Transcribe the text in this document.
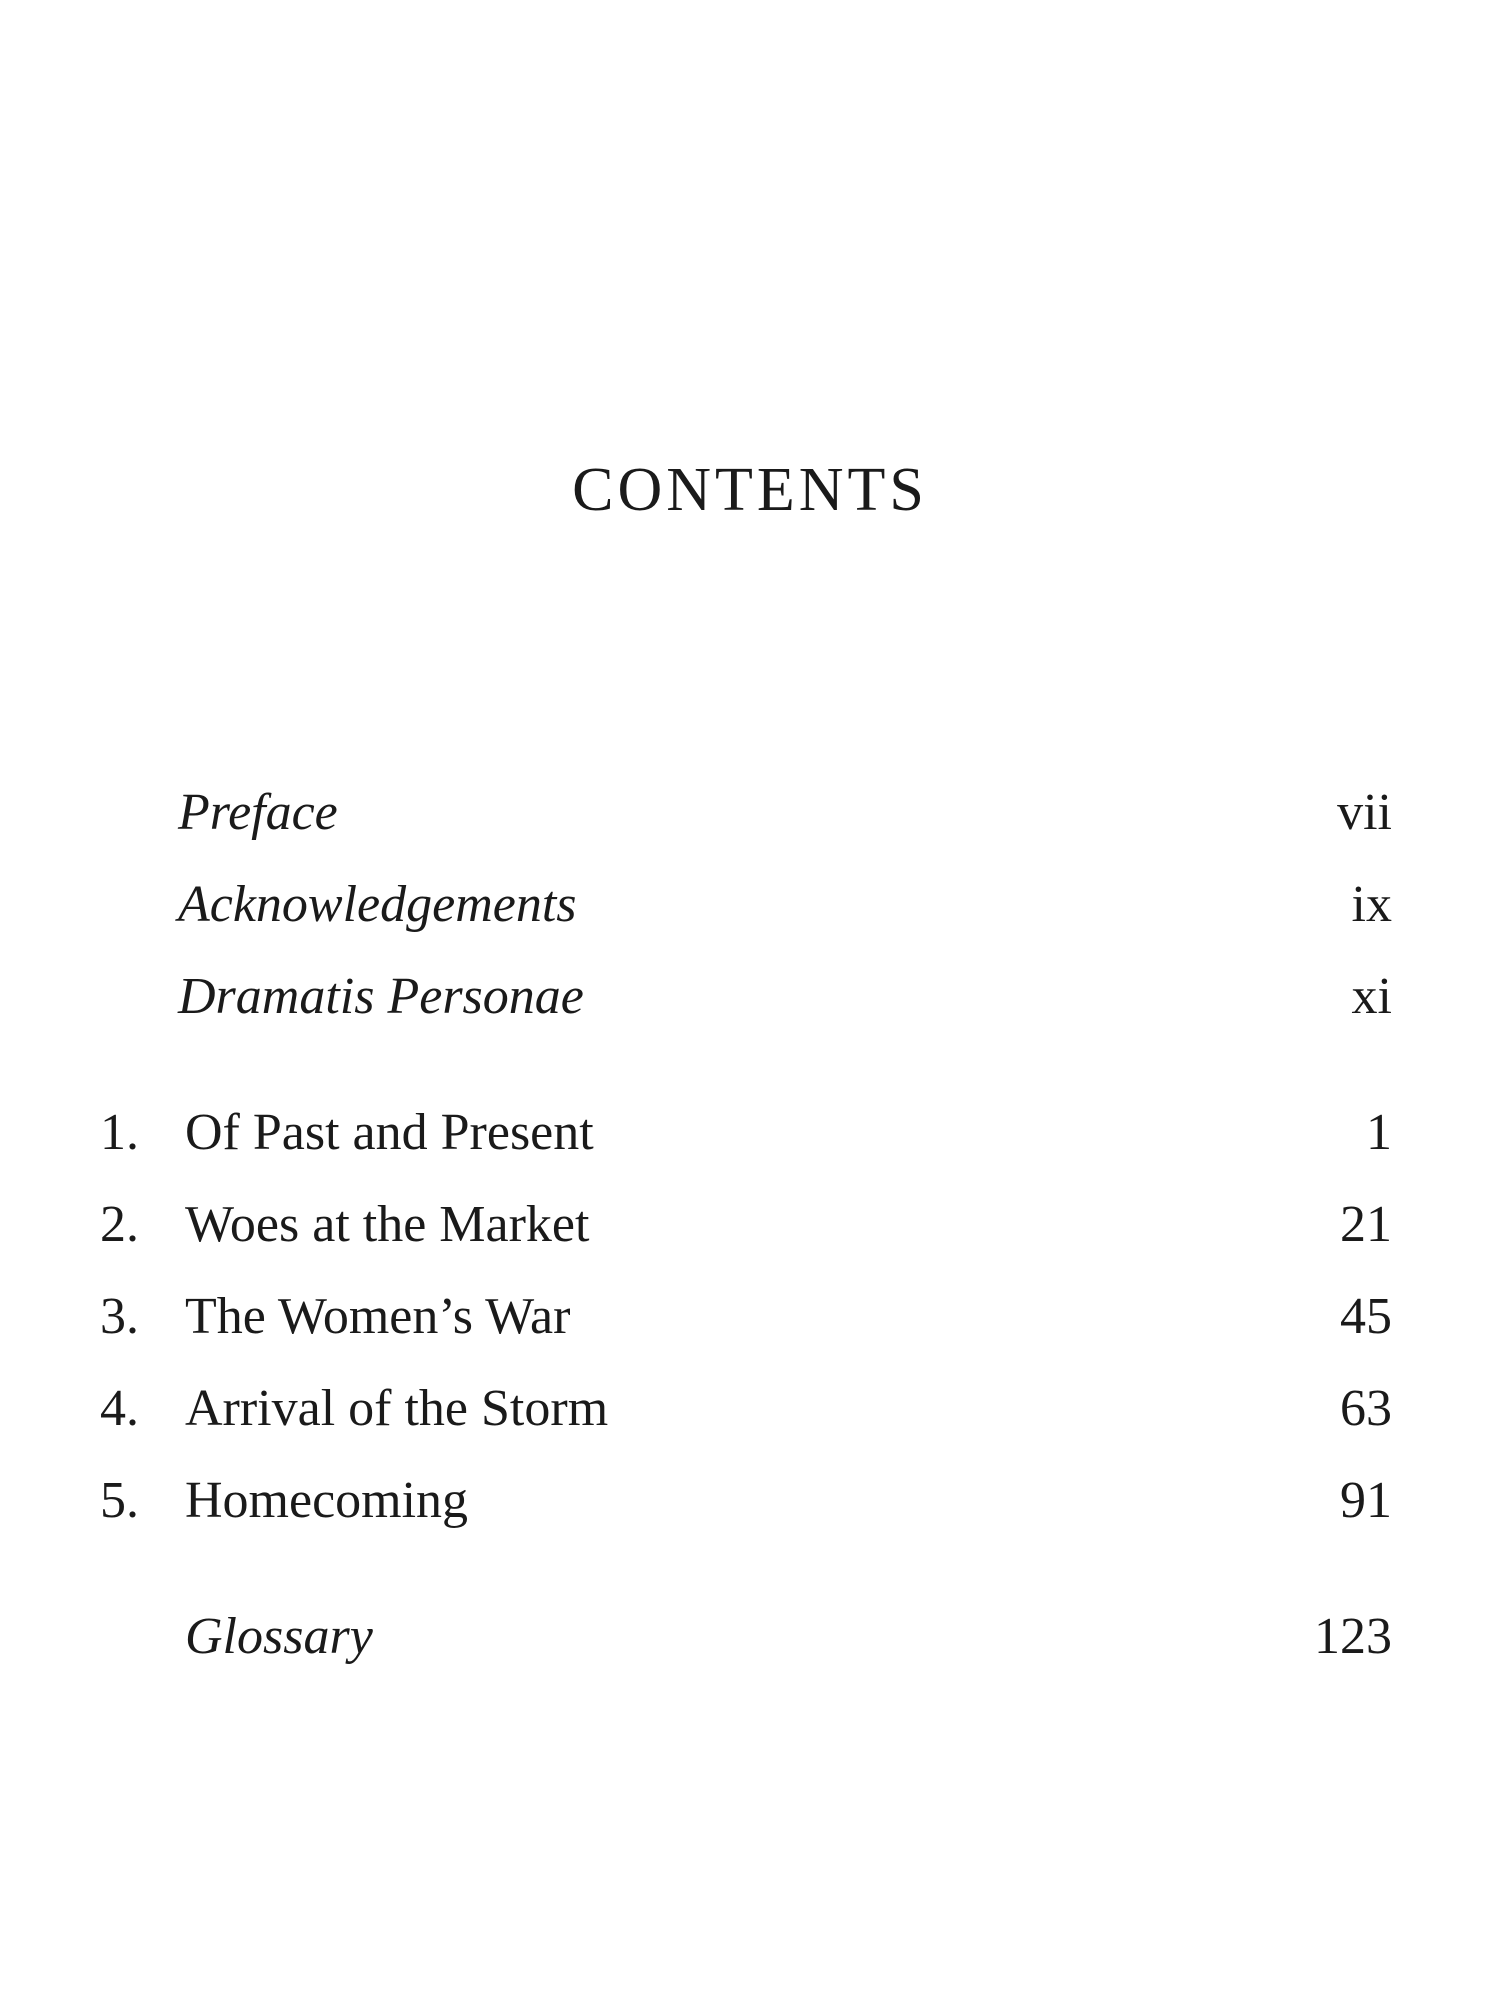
CONTENTS
Preface	vii
Acknowledgements	ix
Dramatis Personae	xi
1. Of Past and Present	1
2. Woes at the Market	21
3. The Women’s War	45
4. Arrival of the Storm	63
5. Homecoming	91
Glossary	123
